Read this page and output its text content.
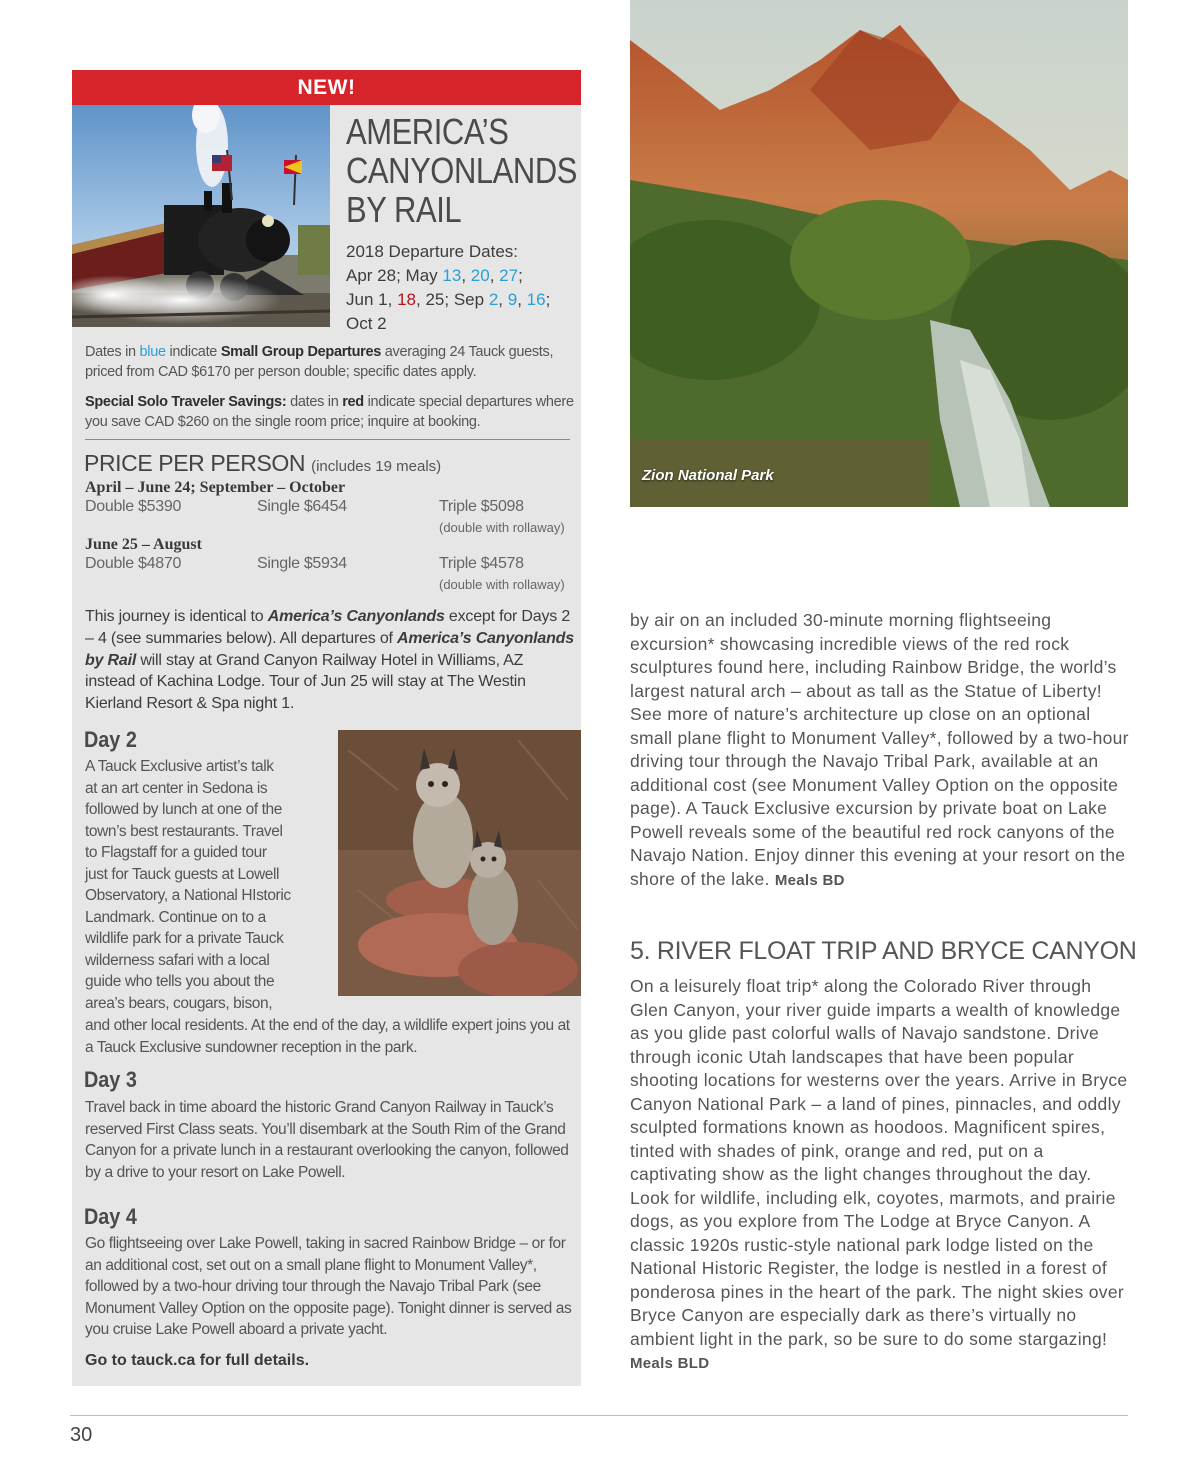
NEW!
AMERICA’S
CANYONLANDS
BY RAIL
2018 Departure Dates:
Apr 28; May 13, 20, 27;
Jun 1, 18, 25; Sep 2, 9, 16;
Oct 2
Dates in blue indicate Small Group Departures averaging 24 Tauck guests, priced from CAD $6170 per person double; specific dates apply.
Special Solo Traveler Savings: dates in red indicate special departures where you save CAD $260 on the single room price; inquire at booking.
PRICE PER PERSON (includes 19 meals)
April – June 24; September – October
Double $5390	Single $6454	Triple $5098
(double with rollaway)
June 25 – August
Double $4870	Single $5934	Triple $4578
(double with rollaway)
This journey is identical to America’s Canyonlands except for Days 2 – 4 (see summaries below). All departures of America’s Canyonlands by Rail will stay at Grand Canyon Railway Hotel in Williams, AZ instead of Kachina Lodge. Tour of Jun 25 will stay at The Westin Kierland Resort & Spa night 1.
Day 2
A Tauck Exclusive artist’s talk
at an art center in Sedona is
followed by lunch at one of the
town’s best restaurants. Travel
to Flagstaff for a guided tour
just for Tauck guests at Lowell
Observatory, a National HIstoric
Landmark. Continue on to a
wildlife park for a private Tauck
wilderness safari with a local
guide who tells you about the
area’s bears, cougars, bison,
and other local residents. At the end of the day, a wildlife expert joins you at a Tauck Exclusive sundowner reception in the park.
Day 3
Travel back in time aboard the historic Grand Canyon Railway in Tauck’s reserved First Class seats. You’ll disembark at the South Rim of the Grand Canyon for a private lunch in a restaurant overlooking the canyon, followed by a drive to your resort on Lake Powell.
Day 4
Go flightseeing over Lake Powell, taking in sacred Rainbow Bridge – or for an additional cost, set out on a small plane flight to Monument Valley*, followed by a two-hour driving tour through the Navajo Tribal Park (see Monument Valley Option on the opposite page). Tonight dinner is served as you cruise Lake Powell aboard a private yacht.
Go to tauck.ca for full details.
Zion National Park
by air on an included 30-minute morning flightseeing excursion* showcasing incredible views of the red rock sculptures found here, including Rainbow Bridge, the world’s largest natural arch – about as tall as the Statue of Liberty! See more of nature’s architecture up close on an optional small plane flight to Monument Valley*, followed by a two-hour driving tour through the Navajo Tribal Park, available at an additional cost (see Monument Valley Option on the opposite page). A Tauck Exclusive excursion by private boat on Lake Powell reveals some of the beautiful red rock canyons of the Navajo Nation. Enjoy dinner this evening at your resort on the shore of the lake. Meals BD
5. RIVER FLOAT TRIP AND BRYCE CANYON
On a leisurely float trip* along the Colorado River through Glen Canyon, your river guide imparts a wealth of knowledge as you glide past colorful walls of Navajo sandstone. Drive through iconic Utah landscapes that have been popular shooting locations for westerns over the years. Arrive in Bryce Canyon National Park – a land of pines, pinnacles, and oddly sculpted formations known as hoodoos. Magnificent spires, tinted with shades of pink, orange and red, put on a captivating show as the light changes throughout the day. Look for wildlife, including elk, coyotes, marmots, and prairie dogs, as you explore from The Lodge at Bryce Canyon. A classic 1920s rustic-style national park lodge listed on the National Historic Register, the lodge is nestled in a forest of ponderosa pines in the heart of the park. The night skies over Bryce Canyon are especially dark as there’s virtually no ambient light in the park, so be sure to do some stargazing! Meals BLD
30
